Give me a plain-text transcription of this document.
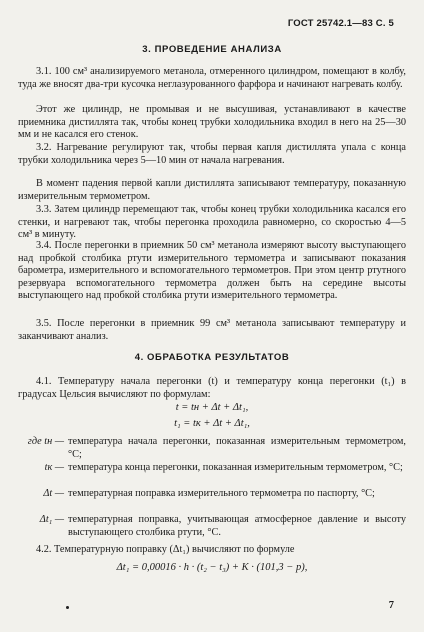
ГОСТ 25742.1—83 С. 5
3. ПРОВЕДЕНИЕ АНАЛИЗА
3.1. 100 см³ анализируемого метанола, отмеренного цилиндром, помещают в колбу, туда же вносят два-три кусочка неглазурованного фарфора и начинают нагревать колбу.
Этот же цилиндр, не промывая и не высушивая, устанавливают в качестве приемника дистиллята так, чтобы конец трубки холодильника входил в него на 25—30 мм и не касался его стенок.
3.2. Нагревание регулируют так, чтобы первая капля дистиллята упала с конца трубки холодильника через 5—10 мин от начала нагревания.
В момент падения первой капли дистиллята записывают температуру, показанную измерительным термометром.
3.3. Затем цилиндр перемещают так, чтобы конец трубки холодильника касался его стенки, и нагревают так, чтобы перегонка проходила равномерно, со скоростью 4—5 см³ в минуту.
3.4. После перегонки в приемник 50 см³ метанола измеряют высоту выступающего над пробкой столбика ртути измерительного термометра и записывают показания барометра, измерительного и вспомогательного термометров. При этом центр ртутного резервуара вспомогательного термометра должен быть на середине высоты выступающего над пробкой столбика ртути измерительного термометра.
3.5. После перегонки в приемник 99 см³ метанола записывают температуру и заканчивают анализ.
4. ОБРАБОТКА РЕЗУЛЬТАТОВ
4.1. Температуру начала перегонки (t) и температуру конца перегонки (t₁) в градусах Цельсия вычисляют по формулам:
t = tн + Δt + Δt₁,
t₁ = tк + Δt + Δt₁,
где tн — температура начала перегонки, показанная измерительным термометром, °С;
tк — температура конца перегонки, показанная измерительным термометром, °С;
Δt — температурная поправка измерительного термометра по паспорту, °С;
Δt₁ — температурная поправка, учитывающая атмосферное давление и высоту выступающего столбика ртути, °С.
4.2. Температурную поправку (Δt₁) вычисляют по формуле
Δt₁ = 0,00016 · h · (t₂ − t₃) + K · (101,3 − p),
7
